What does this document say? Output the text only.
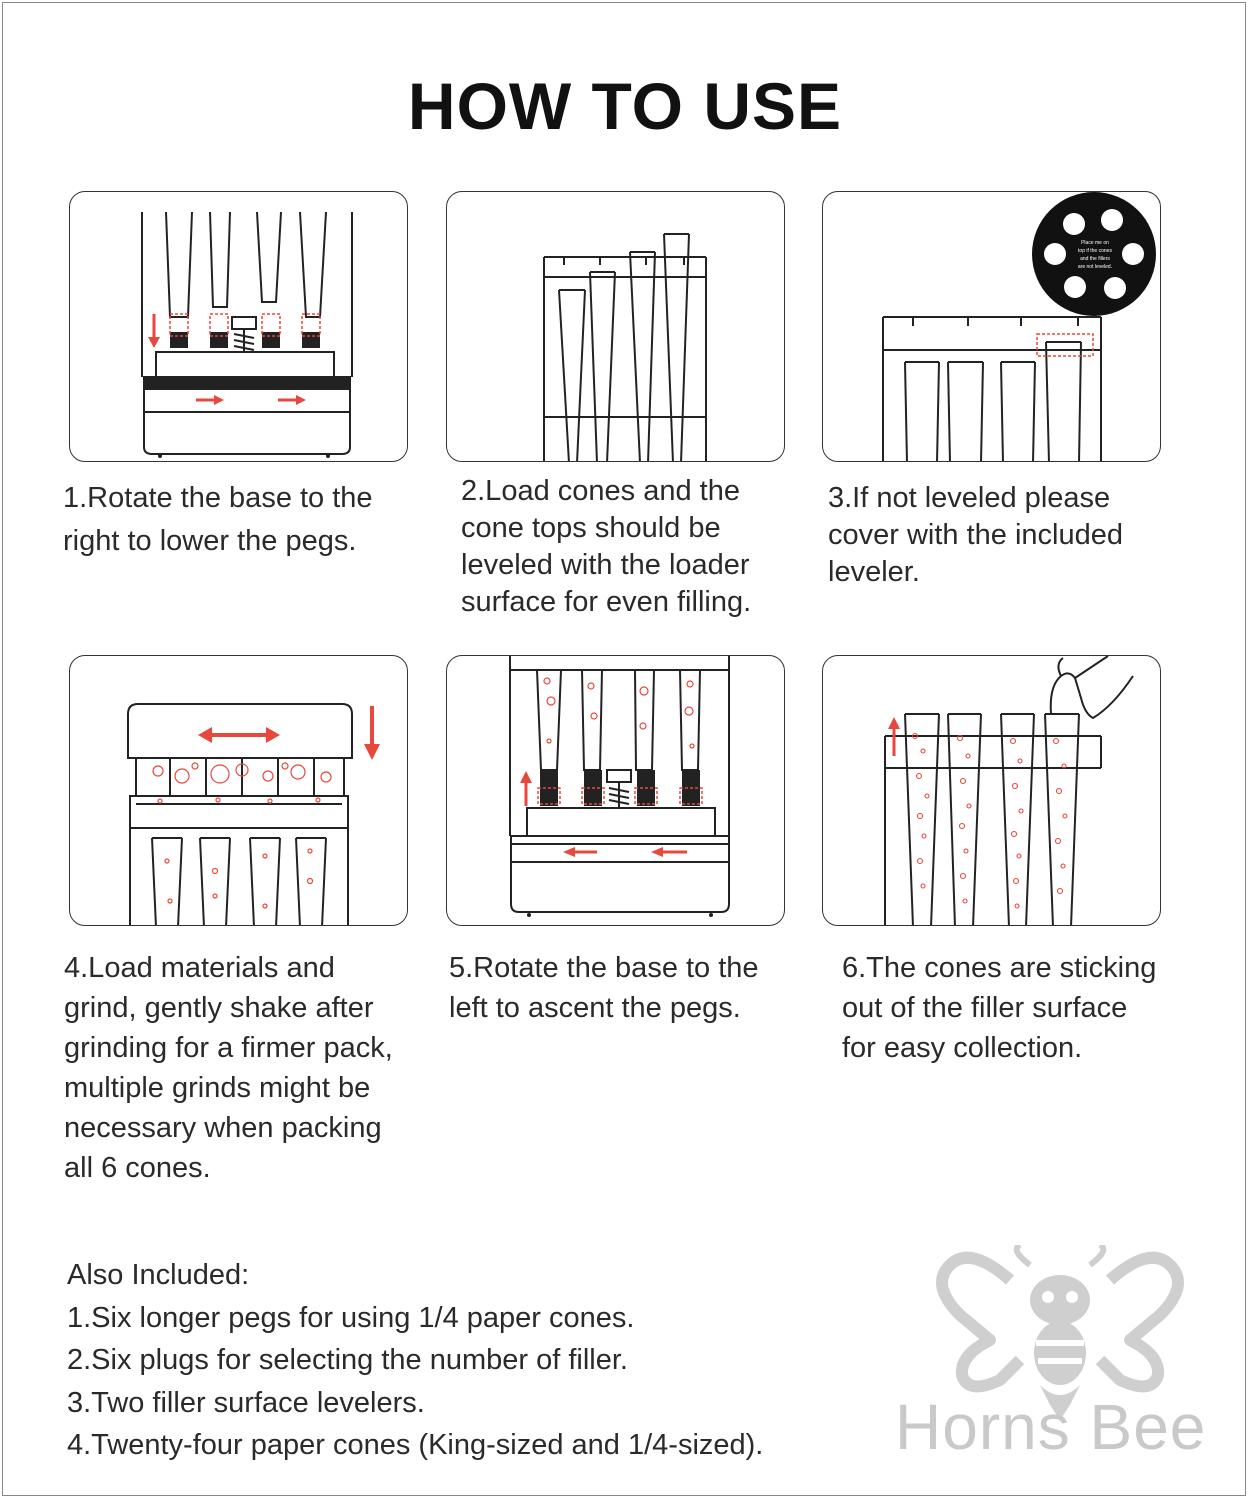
HOW TO USE
Place me on
top if the cones
and the fillers
are not leveled.
1.Rotate the base to the
right to lower the pegs.
2.Load cones and the
cone tops should be
leveled with the loader
surface for even filling.
3.If not leveled please
cover with the included
leveler.
4.Load materials and
grind, gently shake after
grinding for a firmer pack,
multiple grinds might be
necessary when packing
all 6 cones.
5.Rotate the base to the
left to ascent the pegs.
6.The cones are sticking
out of the filler surface
for easy collection.
Also Included:
1.Six longer pegs for using 1/4 paper cones.
2.Six plugs for selecting the number of filler.
3.Two filler surface levelers.
4.Twenty-four paper cones (King-sized and 1/4-sized). Horns Bee
